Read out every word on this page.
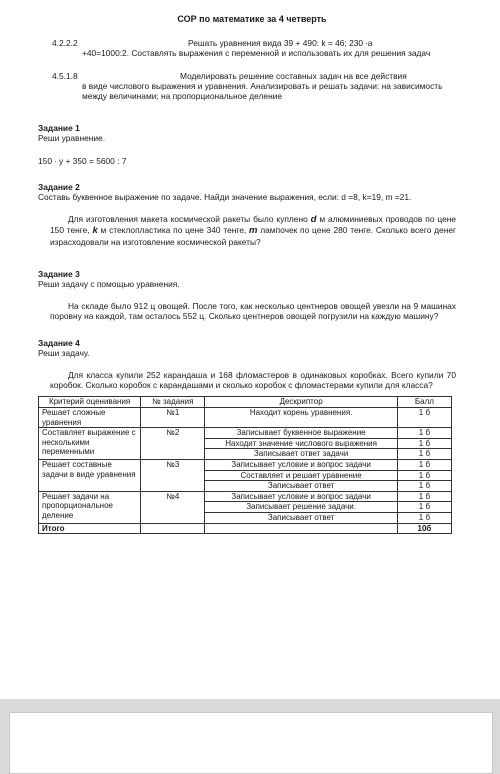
СОР по математике за 4 четверть
4.2.2.2	Решать уравнения вида 39 + 490: k = 46; 230 ∙а
+40=1000:2. Составлять выражения с переменной и использовать их для решения задач
4.5.1.8	Моделировать решение составных задач на все действия
в виде числового выражения и уравнения. Анализировать и решать задачи: на зависимость между величинами; на пропорциональное деление
Задание 1
Реши уравнение.
150 ∙ у + 350 = 5600 : 7
Задание 2
Составь буквенное выражение по задаче. Найди значение выражения, если: d =8, k=19, m =21.
Для изготовления макета космической ракеты было куплено d м алюминиевых проводов по цене 150 тенге, k м стеклопластика по цене 340 тенге, m лампочек по цене 280 тенге. Сколько всего денег израсходовали на изготовление космической ракеты?
Задание 3
Реши задачу с помощью уравнения.
На складе было 912 ц овощей. После того, как несколько центнеров овощей увезли на 9 машинах поровну на каждой, там осталось 552 ц. Сколько центнеров овощей погрузили на каждую машину?
Задание 4
Реши задачу.
Для класса купили 252 карандаша и 168 фломастеров в одинаковых коробках. Всего купили 70 коробок. Сколько коробок с карандашами и сколько коробок с фломастерами купили для класса?
Критерий оценивания	№ задания	Дескриптор	Балл
Решает сложные уравнения	№1	Находит корень уравнения.	1 б
Составляет выражение с несколькими переменными	№2	Записывает буквенное выражение	1 б
		Находит значение числового выражения	1 б
		Записывает ответ задачи	1 б
Решает составные задачи в виде уравнения	№3	Записывает условие и вопрос задачи	1 б
		Составляет и решает уравнение	1 б
		Записывает ответ	1 б
Решает задачи на пропорциональное деление	№4	Записывает условие и вопрос задачи	1 б
		Записывает решение задачи.	1 б
		Записывает ответ	1 б
Итого			10б
